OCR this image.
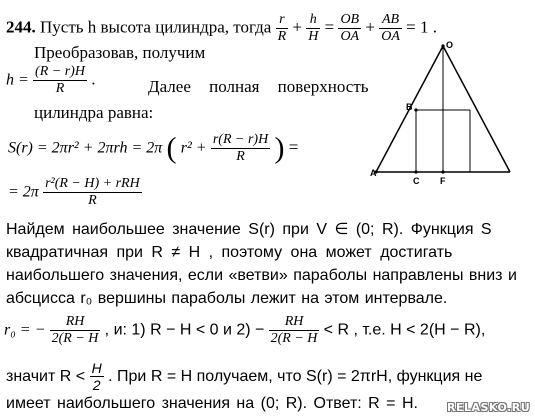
244. Пусть h высота цилиндра, тогда $\frac{r}{R} + \frac{h}{H} = \frac{OB}{OA} + \frac{AB}{OA} = 1$ .
Преобразовав, получим
$h = \frac{(R - r)H}{R}$ .	Далее полная поверхность
цилиндра равна:
S(r) = 2πr² + 2πrh = 2π ( $r^2 + \frac{r(R - r)H}{R}$ ) =
= $2\pi \frac{\text{r²(R − H) + rRH}}{R}$
Найдем наибольшее значение S(r) при V ∈ (0; R). Функция S
квадратичная при R ≠ H , поэтому она может достигать
наибольшего значения, если «ветви» параболы направлены вниз и
абсцисса r₀ вершины параболы лежит на этом интервале.
r₀ = − $\frac{RH}{2(R - H}$ , и: 1) R − H < 0 и $2) - \frac{RH}{2(R - H} < R$ , т.е. H < 2(H − R),
значит $R < \frac{H}{2}$ . При R = H получаем, что S(r) = 2πrH, функция не
имеет наибольшего значения на (0; R). Ответ: R = H.
O
B
A
C F
RELASKO.RU
